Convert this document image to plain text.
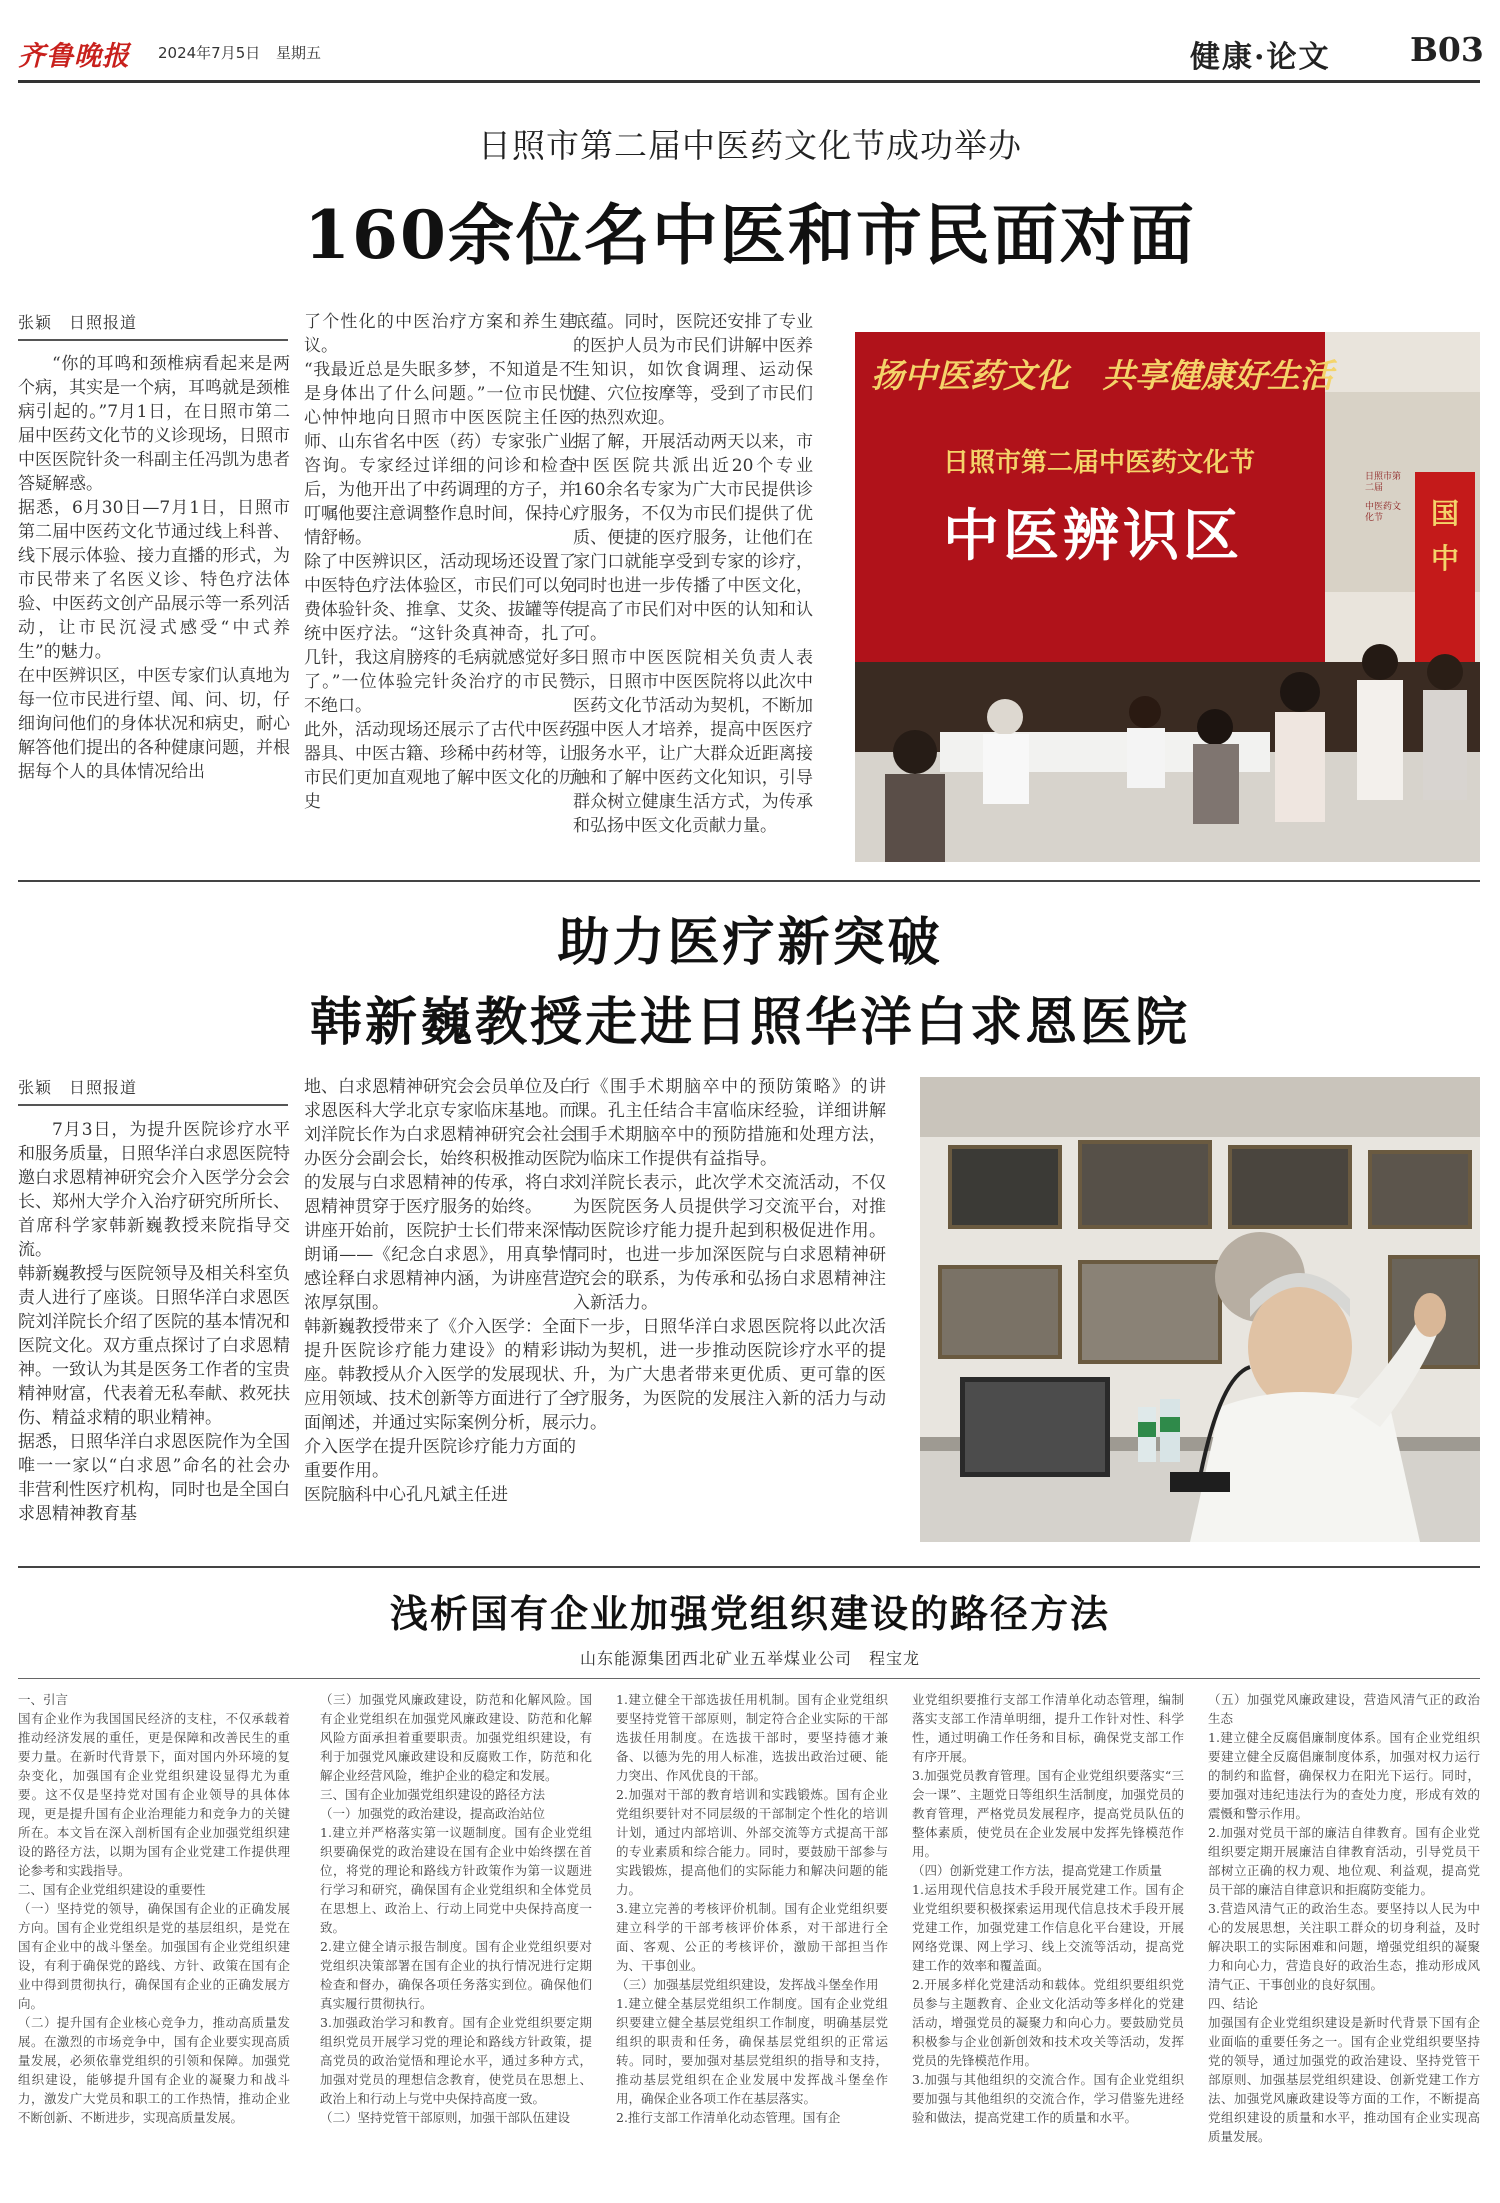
齐鲁晚报 2024年7月5日 星期五	健康·论文 B03
日照市第二届中医药文化节成功举办
160余位名中医和市民面对面
张颖　日照报道

“你的耳鸣和颈椎病看起来是两个病，其实是一个病，耳鸣就是颈椎病引起的。”7月1日，在日照市第二届中医药文化节的义诊现场，日照市中医医院针灸一科副主任冯凯为患者答疑解惑。
据悉，6月30日—7月1日，日照市第二届中医药文化节通过线上科普、线下展示体验、接力直播的形式，为市民带来了名医义诊、特色疗法体验、中医药文创产品展示等一系列活动，让市民沉浸式感受“中式养生”的魅力。
在中医辨识区，中医专家们认真地为每一位市民进行望、闻、问、切，仔细询问他们的身体状况和病史，耐心解答他们提出的各种健康问题，并根据每个人的具体情况给出

了个性化的中医治疗方案和养生建议。
“我最近总是失眠多梦，不知道是不是身体出了什么问题。”一位市民忧心忡忡地向日照市中医医院主任医师、山东省名中医（药）专家张广业咨询。专家经过详细的问诊和检查后，为他开出了中药调理的方子，并叮嘱他要注意调整作息时间，保持心情舒畅。
除了中医辨识区，活动现场还设置了中医特色疗法体验区，市民们可以免费体验针灸、推拿、艾灸、拔罐等传统中医疗法。“这针灸真神奇，扎了几针，我这肩膀疼的毛病就感觉好多了。”一位体验完针灸治疗的市民赞不绝口。
此外，活动现场还展示了古代中医药器具、中医古籍、珍稀中药材等，让市民们更加直观地了解中医文化的历史

底蕴。同时，医院还安排了专业的医护人员为市民们讲解中医养生知识，如饮食调理、运动保健、穴位按摩等，受到了市民们的热烈欢迎。
据了解，开展活动两天以来，市中医医院共派出近20个专业160余名专家为广大市民提供诊疗服务，不仅为市民们提供了优质、便捷的医疗服务，让他们在家门口就能享受到专家的诊疗，同时也进一步传播了中医文化，提高了市民们对中医的认知和认可。
日照市中医医院相关负责人表示，日照市中医医院将以此次中医药文化节活动为契机，不断加强中医人才培养，提高中医医疗服务水平，让广大群众近距离接触和了解中医药文化知识，引导群众树立健康生活方式，为传承和弘扬中医文化贡献力量。

扬中医药文化　共享健康好生活
日照市第二届中医药文化节
中医辨识区
日照市第二届
中医药文化节	国
中
助力医疗新突破
韩新巍教授走进日照华洋白求恩医院
张颖　日照报道

7月3日，为提升医院诊疗水平和服务质量，日照华洋白求恩医院特邀白求恩精神研究会介入医学分会会长、郑州大学介入治疗研究所所长、首席科学家韩新巍教授来院指导交流。
韩新巍教授与医院领导及相关科室负责人进行了座谈。日照华洋白求恩医院刘洋院长介绍了医院的基本情况和医院文化。双方重点探讨了白求恩精神。一致认为其是医务工作者的宝贵精神财富，代表着无私奉献、救死扶伤、精益求精的职业精神。
据悉，日照华洋白求恩医院作为全国唯一一家以“白求恩”命名的社会办非营利性医疗机构，同时也是全国白求恩精神教育基

地、白求恩精神研究会会员单位及白求恩医科大学北京专家临床基地。而刘洋院长作为白求恩精神研究会社会办医分会副会长，始终积极推动医院的发展与白求恩精神的传承，将白求恩精神贯穿于医疗服务的始终。
讲座开始前，医院护士长们带来深情朗诵——《纪念白求恩》，用真挚情感诠释白求恩精神内涵，为讲座营造浓厚氛围。
韩新巍教授带来了《介入医学：全面提升医院诊疗能力建设》的精彩讲座。韩教授从介入医学的发展现状、应用领域、技术创新等方面进行了全面阐述，并通过实际案例分析，展示介入医学在提升医院诊疗能力方面的重要作用。
医院脑科中心孔凡斌主任进

行《围手术期脑卒中的预防策略》的讲课。孔主任结合丰富临床经验，详细讲解围手术期脑卒中的预防措施和处理方法，为临床工作提供有益指导。
刘洋院长表示，此次学术交流活动，不仅为医院医务人员提供学习交流平台，对推动医院诊疗能力提升起到积极促进作用。同时，也进一步加深医院与白求恩精神研究会的联系，为传承和弘扬白求恩精神注入新活力。
下一步，日照华洋白求恩医院将以此次活动为契机，进一步推动医院诊疗水平的提升，为广大患者带来更优质、更可靠的医疗服务，为医院的发展注入新的活力与动力。

浅析国有企业加强党组织建设的路径方法
山东能源集团西北矿业五举煤业公司　程宝龙

一、引言
国有企业作为我国国民经济的支柱，不仅承载着推动经济发展的重任，更是保障和改善民生的重要力量。在新时代背景下，面对国内外环境的复杂变化，加强国有企业党组织建设显得尤为重要。这不仅是坚持党对国有企业领导的具体体现，更是提升国有企业治理能力和竞争力的关键所在。本文旨在深入剖析国有企业加强党组织建设的路径方法，以期为国有企业党建工作提供理论参考和实践指导。
二、国有企业党组织建设的重要性
（一）坚持党的领导，确保国有企业的正确发展方向。国有企业党组织是党的基层组织，是党在国有企业中的战斗堡垒。加强国有企业党组织建设，有利于确保党的路线、方针、政策在国有企业中得到贯彻执行，确保国有企业的正确发展方向。
（二）提升国有企业核心竞争力，推动高质量发展。在激烈的市场竞争中，国有企业要实现高质量发展，必须依靠党组织的引领和保障。加强党组织建设，能够提升国有企业的凝聚力和战斗力，激发广大党员和职工的工作热情，推动企业不断创新、不断进步，实现高质量发展。

（三）加强党风廉政建设，防范和化解风险。国有企业党组织在加强党风廉政建设、防范和化解风险方面承担着重要职责。加强党组织建设，有利于加强党风廉政建设和反腐败工作，防范和化解企业经营风险，维护企业的稳定和发展。
三、国有企业加强党组织建设的路径方法
（一）加强党的政治建设，提高政治站位
1.建立并严格落实第一议题制度。国有企业党组织要确保党的政治建设在国有企业中始终摆在首位，将党的理论和路线方针政策作为第一议题进行学习和研究，确保国有企业党组织和全体党员在思想上、政治上、行动上同党中央保持高度一致。
2.建立健全请示报告制度。国有企业党组织要对党组织决策部署在国有企业的执行情况进行定期检查和督办，确保各项任务落实到位。确保他们真实履行贯彻执行。
3.加强政治学习和教育。国有企业党组织要定期组织党员开展学习党的理论和路线方针政策，提高党员的政治觉悟和理论水平，通过多种方式，加强对党员的理想信念教育，使党员在思想上、政治上和行动上与党中央保持高度一致。
（二）坚持党管干部原则，加强干部队伍建设

1.建立健全干部选拔任用机制。国有企业党组织要坚持党管干部原则，制定符合企业实际的干部选拔任用制度。在选拔干部时，要坚持德才兼备、以德为先的用人标准，选拔出政治过硬、能力突出、作风优良的干部。
2.加强对干部的教育培训和实践锻炼。国有企业党组织要针对不同层级的干部制定个性化的培训计划，通过内部培训、外部交流等方式提高干部的专业素质和综合能力。同时，要鼓励干部参与实践锻炼，提高他们的实际能力和解决问题的能力。
3.建立完善的考核评价机制。国有企业党组织要建立科学的干部考核评价体系，对干部进行全面、客观、公正的考核评价，激励干部担当作为、干事创业。
（三）加强基层党组织建设，发挥战斗堡垒作用
1.建立健全基层党组织工作制度。国有企业党组织要建立健全基层党组织工作制度，明确基层党组织的职责和任务，确保基层党组织的正常运转。同时，要加强对基层党组织的指导和支持，推动基层党组织在企业发展中发挥战斗堡垒作用，确保企业各项工作在基层落实。
2.推行支部工作清单化动态管理。国有企

业党组织要推行支部工作清单化动态管理，编制落实支部工作清单明细，提升工作针对性、科学性，通过明确工作任务和目标，确保党支部工作有序开展。
3.加强党员教育管理。国有企业党组织要落实“三会一课”、主题党日等组织生活制度，加强党员的教育管理，严格党员发展程序，提高党员队伍的整体素质，使党员在企业发展中发挥先锋模范作用。
（四）创新党建工作方法，提高党建工作质量
1.运用现代信息技术手段开展党建工作。国有企业党组织要积极探索运用现代信息技术手段开展党建工作，加强党建工作信息化平台建设，开展网络党课、网上学习、线上交流等活动，提高党建工作的效率和覆盖面。
2.开展多样化党建活动和载体。党组织要组织党员参与主题教育、企业文化活动等多样化的党建活动，增强党员的凝聚力和向心力。要鼓励党员积极参与企业创新创效和技术攻关等活动，发挥党员的先锋模范作用。
3.加强与其他组织的交流合作。国有企业党组织要加强与其他组织的交流合作，学习借鉴先进经验和做法，提高党建工作的质量和水平。

（五）加强党风廉政建设，营造风清气正的政治生态
1.建立健全反腐倡廉制度体系。国有企业党组织要建立健全反腐倡廉制度体系，加强对权力运行的制约和监督，确保权力在阳光下运行。同时，要加强对违纪违法行为的查处力度，形成有效的震慑和警示作用。
2.加强对党员干部的廉洁自律教育。国有企业党组织要定期开展廉洁自律教育活动，引导党员干部树立正确的权力观、地位观、利益观，提高党员干部的廉洁自律意识和拒腐防变能力。
3.营造风清气正的政治生态。要坚持以人民为中心的发展思想，关注职工群众的切身利益，及时解决职工的实际困难和问题，增强党组织的凝聚力和向心力，营造良好的政治生态，推动形成风清气正、干事创业的良好氛围。
四、结论
加强国有企业党组织建设是新时代背景下国有企业面临的重要任务之一。国有企业党组织要坚持党的领导，通过加强党的政治建设、坚持党管干部原则、加强基层党组织建设、创新党建工作方法、加强党风廉政建设等方面的工作，不断提高党组织建设的质量和水平，推动国有企业实现高质量发展。
